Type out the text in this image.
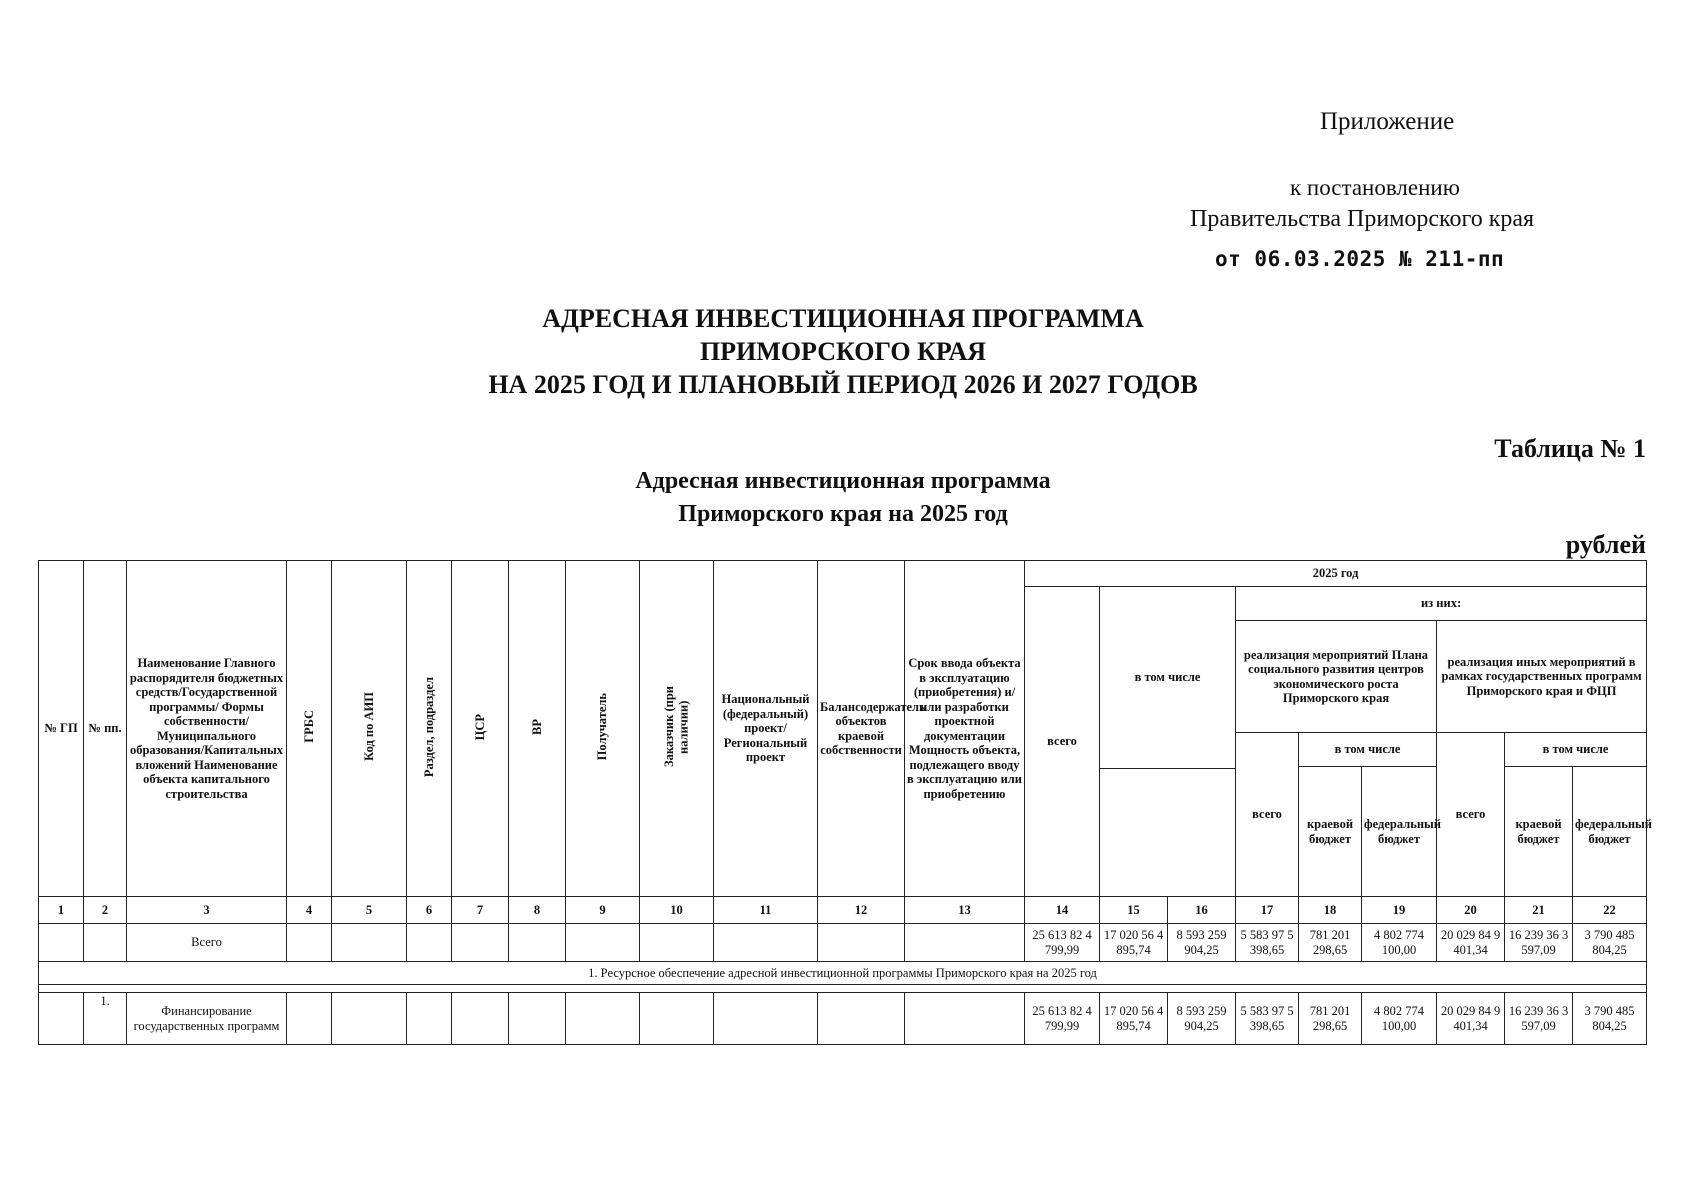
Приложение
к постановлению
Правительства Приморского края
от 06.03.2025 № 211-пп
АДРЕСНАЯ ИНВЕСТИЦИОННАЯ ПРОГРАММА
ПРИМОРСКОГО КРАЯ
НА 2025 ГОД И ПЛАНОВЫЙ ПЕРИОД 2026 И 2027 ГОДОВ
Таблица № 1
Адресная инвестиционная программа
Приморского края на 2025 год
рублей
№ ГП	№ пп.	Наименование Главного распорядителя бюджетных средств/Государственной программы/ Формы собственности/Муниципального образования/Капитальных вложений Наименование объекта капитального строительства	ГРБС	Код по АИП	Раздел, подраздел	ЦСР	ВР	Получатель	Заказчик (при наличии)	Национальный (федеральный) проект/ Региональный проект	Балансодержатель объектов краевой собственности	Срок ввода объекта в эксплуатацию (приобретения) и/или разработки проектной документации Мощность объекта, подлежащего вводу в эксплуатацию или приобретению	2025 год									
													всего	в том числе		из них:						
																реализация мероприятий Плана социального развития центров экономического роста Приморского края			реализация иных мероприятий в рамках государственных программ Приморского края и ФЦП			
																всего	в том числе		всего	в том числе		
																	краевой бюджет	федеральный бюджет		краевой бюджет	федеральный бюджет		

1	2	3	4	5	6	7	8	9	10	11	12	13	14	15	16	17	18	19	20	21	22	
		Всего											25 613 82 4 799,99	17 020 56 4 895,74	8 593 259 904,25	5 583 97 5 398,65	781 201 298,65	4 802 774 100,00	20 029 84 9 401,34	16 239 36 3 597,09	3 790 485 804,25	
1. Ресурсное обеспечение адресной инвестиционной программы Приморского края на 2025 год																						

	1.	Финансирование государственных программ											25 613 82 4 799,99	17 020 56 4 895,74	8 593 259 904,25	5 583 97 5 398,65	781 201 298,65	4 802 774 100,00	20 029 84 9 401,34	16 239 36 3 597,09	3 790 485 804,25	
